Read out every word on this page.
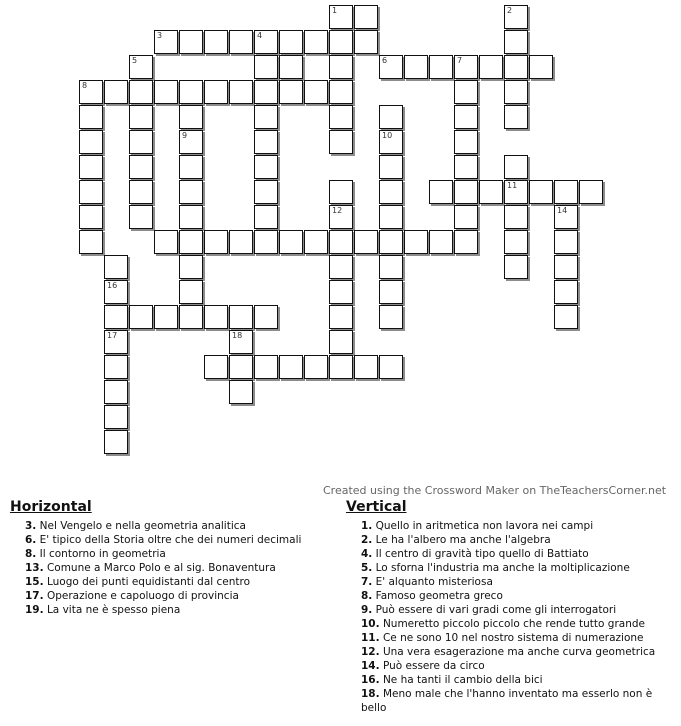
1	2
3	4
5	6	7
8
9	10
11
12	14
16
17	18
Created using the Crossword Maker on TheTeachersCorner.net
Horizontal
3. Nel Vengelo e nella geometria analitica
6. E' tipico della Storia oltre che dei numeri decimali
8. Il contorno in geometria
13. Comune a Marco Polo e al sig. Bonaventura
15. Luogo dei punti equidistanti dal centro
17. Operazione e capoluogo di provincia
19. La vita ne è spesso piena
Vertical
1. Quello in aritmetica non lavora nei campi
2. Le ha l'albero ma anche l'algebra
4. Il centro di gravità tipo quello di Battiato
5. Lo sforna l'industria ma anche la moltiplicazione
7. E' alquanto misteriosa
8. Famoso geometra greco
9. Può essere di vari gradi come gli interrogatori
10. Numeretto piccolo piccolo che rende tutto grande
11. Ce ne sono 10 nel nostro sistema di numerazione
12. Una vera esagerazione ma anche curva geometrica
14. Può essere da circo
16. Ne ha tanti il cambio della bici
18. Meno male che l'hanno inventato ma esserlo non è bello
